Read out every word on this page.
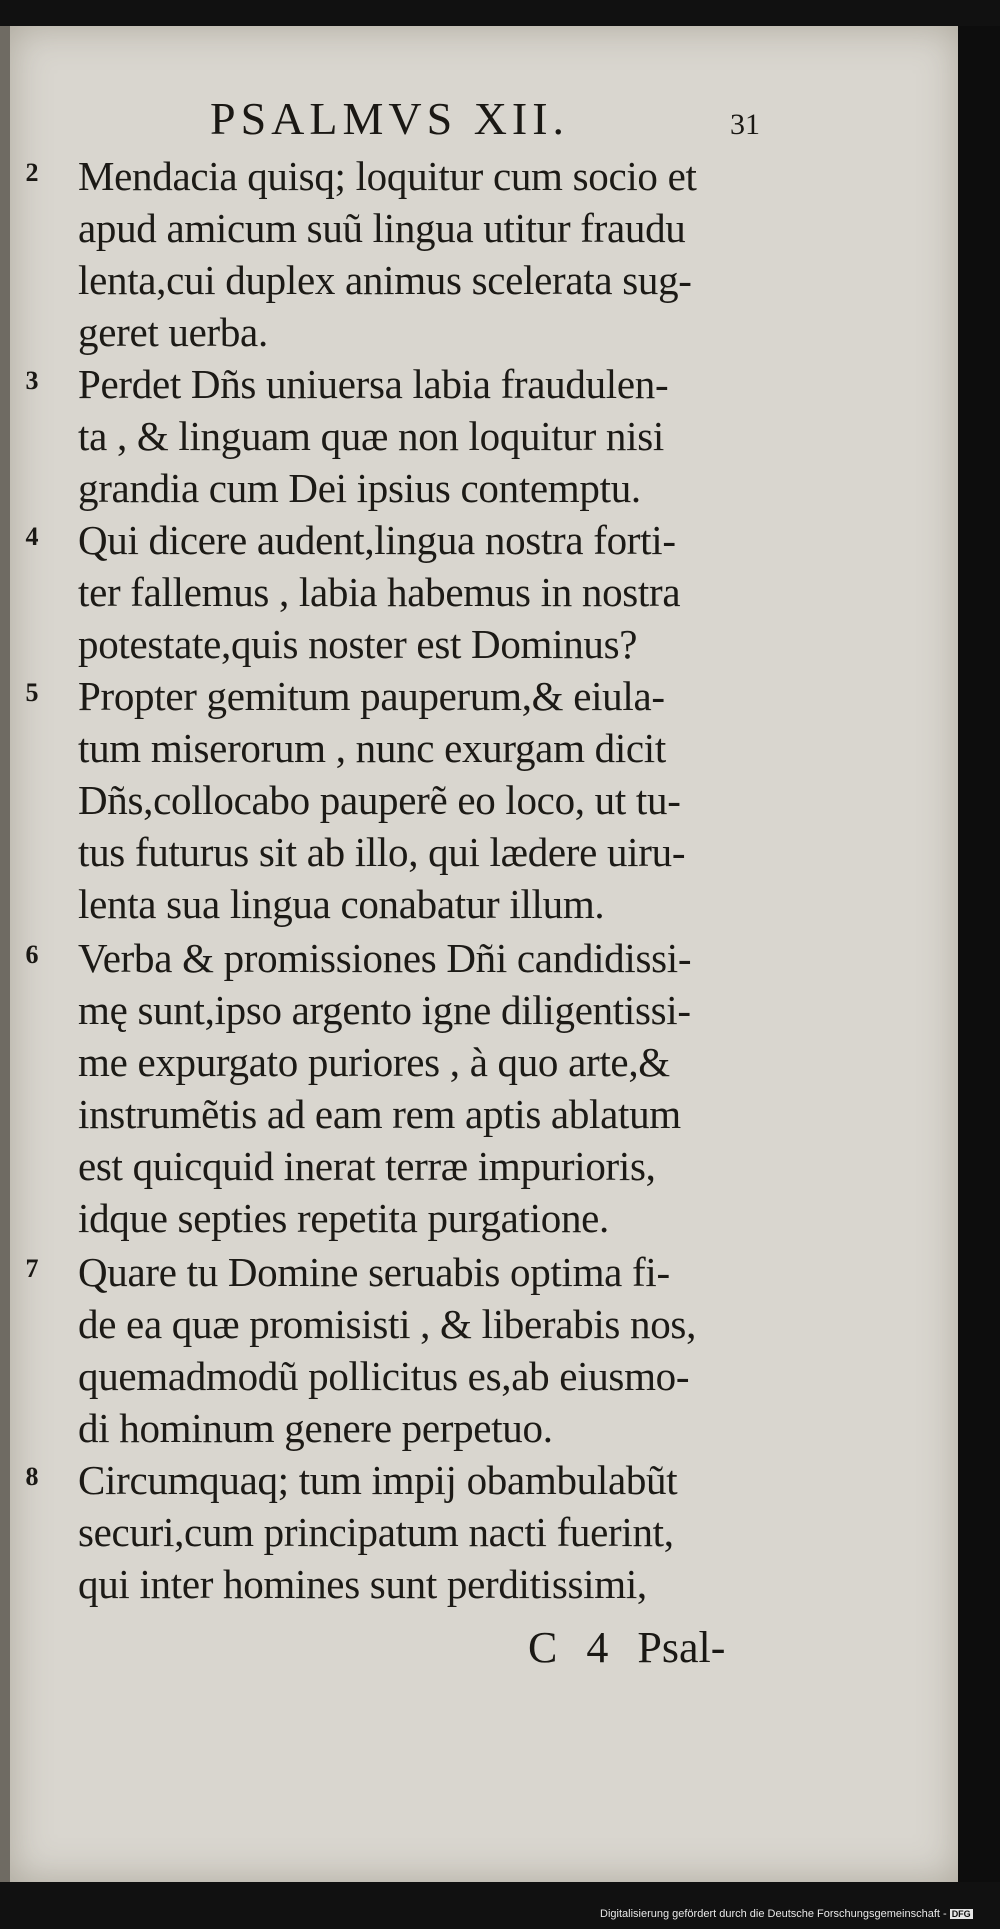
PSALMVS XII.	31
2 Mendacia quisq; loquitur cum socio et
apud amicum suũ lingua utitur fraudu
lenta,cui duplex animus scelerata sug-
geret uerba.
3 Perdet Dñs uniuersa labia fraudulen-
ta , & linguam quæ non loquitur nisi
grandia cum Dei ipsius contemptu.
4 Qui dicere audent,lingua nostra forti-
ter fallemus , labia habemus in nostra
potestate,quis noster est Dominus?
5 Propter gemitum pauperum,& eiula-
tum miserorum , nunc exurgam dicit
Dñs,collocabo pauperẽ eo loco, ut tu-
tus futurus sit ab illo, qui lædere uiru-
lenta sua lingua conabatur illum.
6 Verba & promissiones Dñi candidissi-
mę sunt,ipso argento igne diligentissi-
me expurgato puriores , à quo arte,&
instrumẽtis ad eam rem aptis ablatum
est quicquid inerat terræ impurioris,
idque septies repetita purgatione.
7 Quare tu Domine seruabis optima fi-
de ea quæ promisisti , & liberabis nos,
quemadmodũ pollicitus es,ab eiusmo-
di hominum genere perpetuo.
8 Circumquaq; tum impij obambulabũt
securi,cum principatum nacti fuerint,
qui inter homines sunt perditissimi,
C 4 Psal-
Digitalisierung gefördert durch die Deutsche Forschungsgemeinschaft - DFG
